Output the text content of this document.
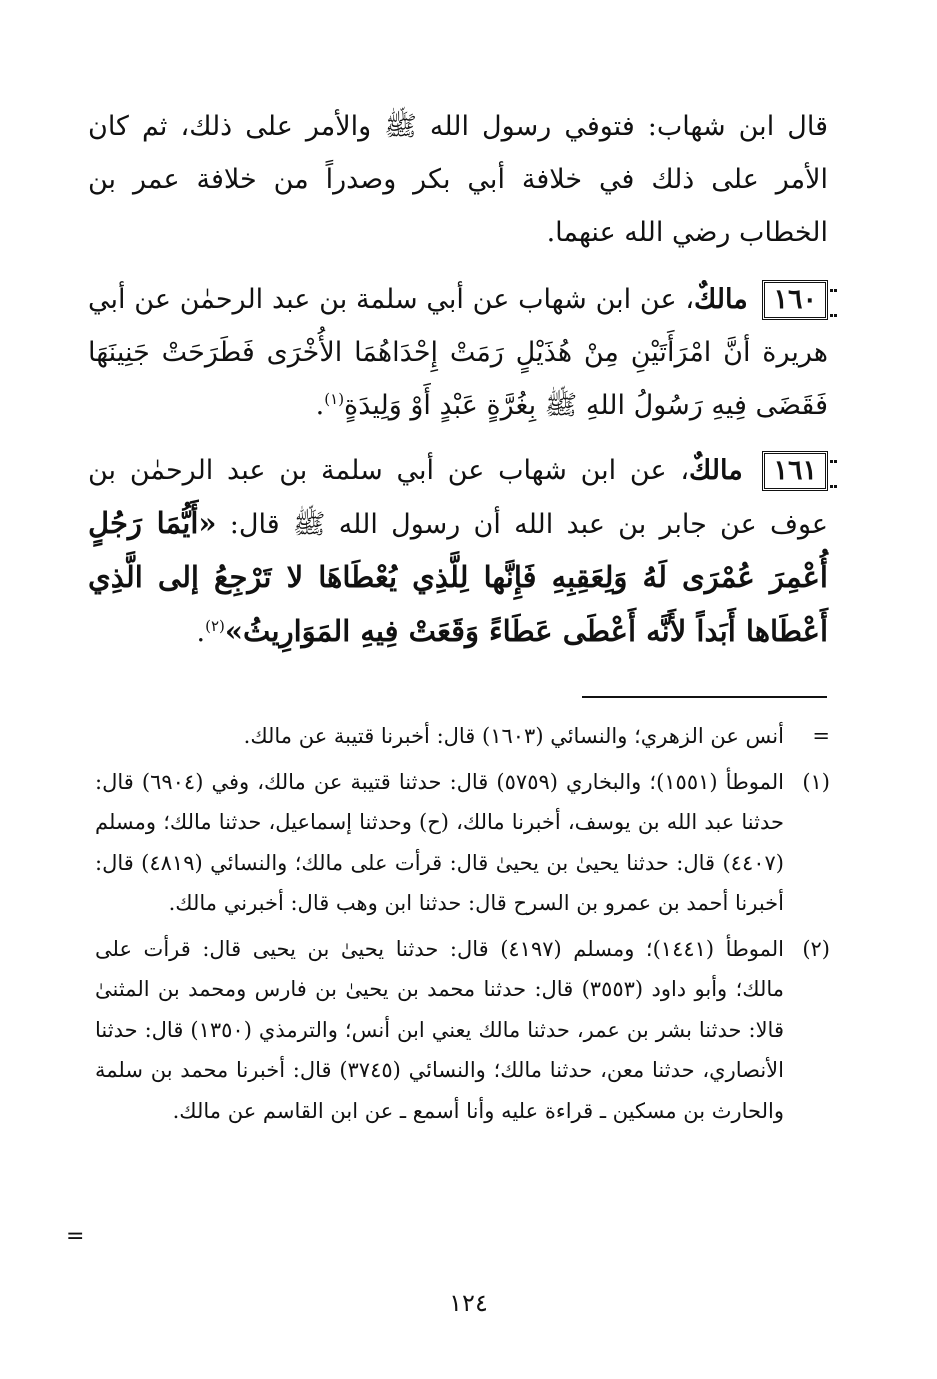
قال ابن شهاب: فتوفي رسول الله ﷺ والأمر على ذلك، ثم كان الأمر على ذلك في خلافة أبي بكر وصدراً من خلافة عمر بن الخطاب رضي الله عنهما.

١٦٠ مالكٌ، عن ابن شهاب عن أبي سلمة بن عبد الرحمٰن عن أبي هريرة أنَّ امْرَأَتَيْنِ مِنْ هُذَيْلٍ رَمَتْ إِحْدَاهُمَا الأُخْرَى فَطَرَحَتْ جَنِينَهَا فَقَضَى فِيهِ رَسُولُ اللهِ ﷺ بِغُرَّةٍ عَبْدٍ أَوْ وَلِيدَةٍ$^{(١)}$.

١٦١ مالكٌ، عن ابن شهاب عن أبي سلمة بن عبد الرحمٰن بن عوف عن جابر بن عبد الله أن رسول الله ﷺ قال: «أَيُّمَا رَجُلٍ أُعْمِرَ عُمْرَى لَهُ وَلِعَقِبِهِ فَإِنَّها لِلَّذِي يُعْطَاهَا لا تَرْجِعُ إلى الَّذِي أَعْطَاها أَبَداً لأَنَّه أَعْطَى عَطَاءً وَقَعَتْ فِيهِ المَوَارِيثُ»$^{(٢)}$.

=
أنس عن الزهري؛ والنسائي (١٦٠٣) قال: أخبرنا قتيبة عن مالك.
(١)
الموطأ (١٥٥١)؛ والبخاري (٥٧٥٩) قال: حدثنا قتيبة عن مالك، وفي (٦٩٠٤) قال: حدثنا عبد الله بن يوسف، أخبرنا مالك، (ح) وحدثنا إسماعيل، حدثنا مالك؛ ومسلم (٤٤٠٧) قال: حدثنا يحيىٰ بن يحيىٰ قال: قرأت على مالك؛ والنسائي (٤٨١٩) قال: أخبرنا أحمد بن عمرو بن السرح قال: حدثنا ابن وهب قال: أخبرني مالك.
(٢)
الموطأ (١٤٤١)؛ ومسلم (٤١٩٧) قال: حدثنا يحيىٰ بن يحيى قال: قرأت على مالك؛ وأبو داود (٣٥٥٣) قال: حدثنا محمد بن يحيىٰ بن فارس ومحمد بن المثنىٰ قالا: حدثنا بشر بن عمر، حدثنا مالك يعني ابن أنس؛ والترمذي (١٣٥٠) قال: حدثنا الأنصاري، حدثنا معن، حدثنا مالك؛ والنسائي (٣٧٤٥) قال: أخبرنا محمد بن سلمة والحارث بن مسكين ـ قراءة عليه وأنا أسمع ـ عن ابن القاسم عن مالك.
=
١٢٤
